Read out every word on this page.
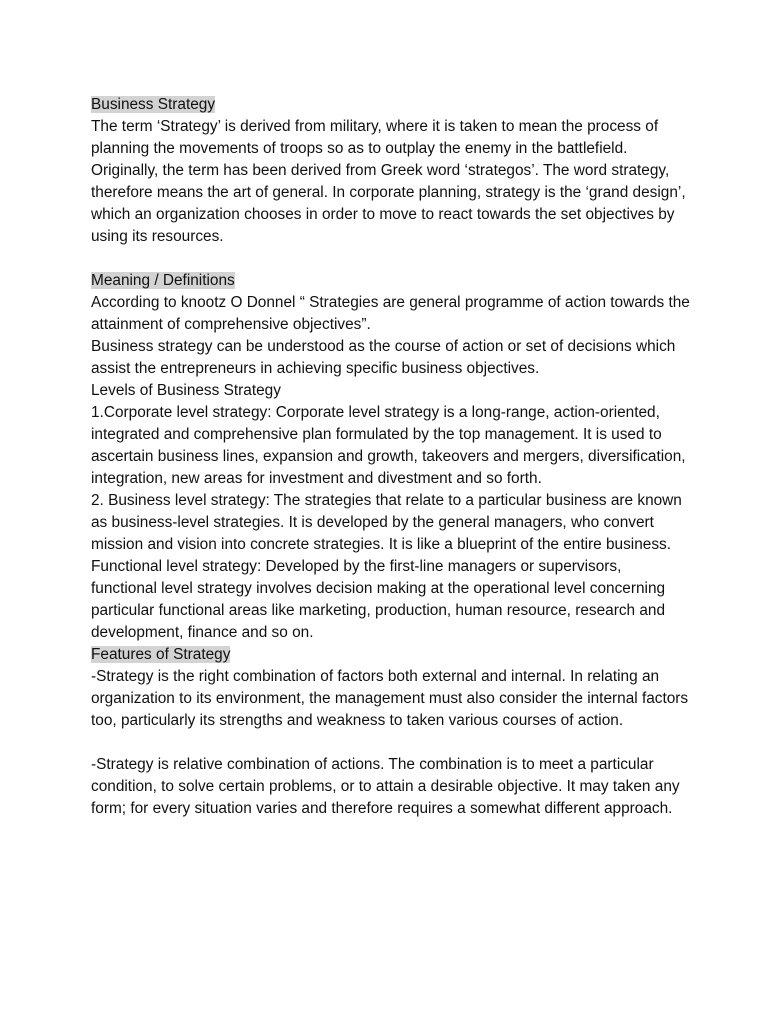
Business Strategy

The term ‘Strategy’ is derived from military, where it is taken to mean the process of planning the movements of troops so as to outplay the enemy in the battlefield. Originally, the term has been derived from Greek word ‘strategos’. The word strategy, therefore means the art of general. In corporate planning, strategy is the ‘grand design’, which an organization chooses in order to move to react towards the set objectives by using its resources.

Meaning / Definitions

According to knootz O Donnel “ Strategies are general programme of action towards the attainment of comprehensive objectives”.

Business strategy can be understood as the course of action or set of decisions which assist the entrepreneurs in achieving specific business objectives.

Levels of Business Strategy

1.Corporate level strategy: Corporate level strategy is a long-range, action-oriented, integrated and comprehensive plan formulated by the top management. It is used to ascertain business lines, expansion and growth, takeovers and mergers, diversification, integration, new areas for investment and divestment and so forth.

2. Business level strategy: The strategies that relate to a particular business are known as business-level strategies. It is developed by the general managers, who convert mission and vision into concrete strategies. It is like a blueprint of the entire business.

Functional level strategy: Developed by the first-line managers or supervisors, functional level strategy involves decision making at the operational level concerning particular functional areas like marketing, production, human resource, research and development, finance and so on.

Features of Strategy

-Strategy is the right combination of factors both external and internal. In relating an organization to its environment, the management must also consider the internal factors too, particularly its strengths and weakness to taken various courses of action.

-Strategy is relative combination of actions. The combination is to meet a particular condition, to solve certain problems, or to attain a desirable objective. It may taken any form; for every situation varies and therefore requires a somewhat different approach.
